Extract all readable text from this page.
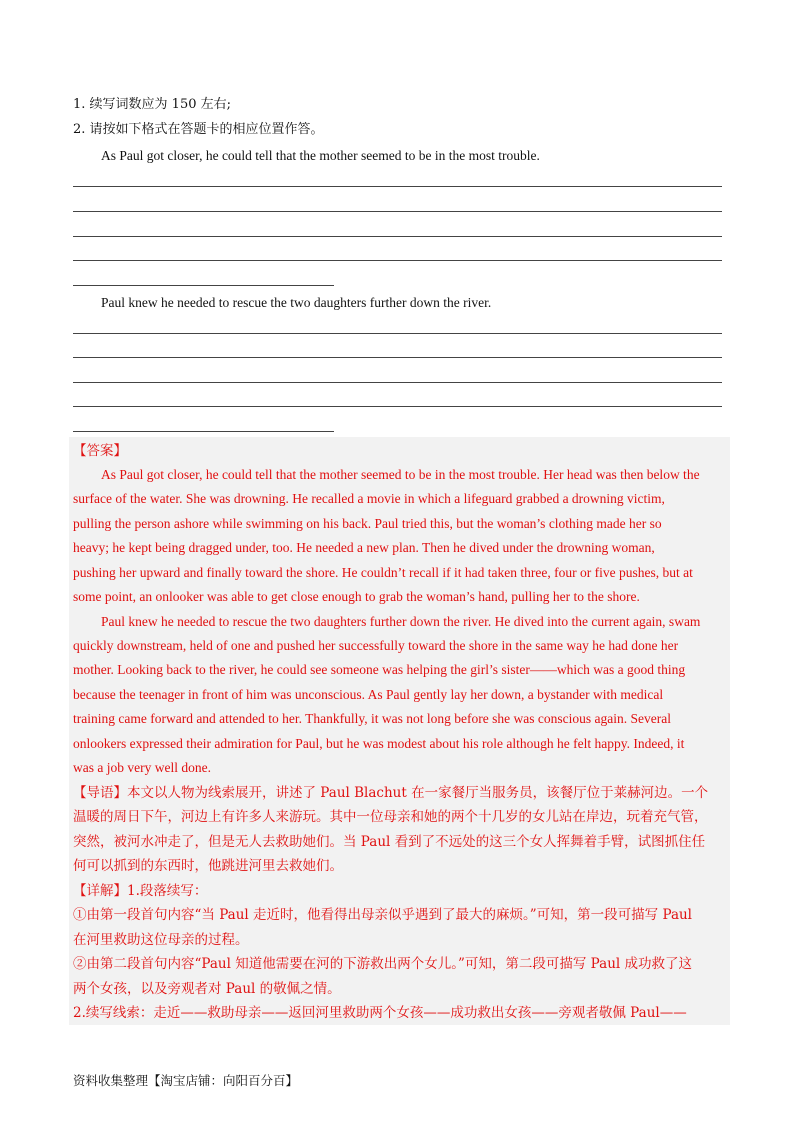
1. 续写词数应为 150 左右;
2. 请按如下格式在答题卡的相应位置作答。
As Paul got closer, he could tell that the mother seemed to be in the most trouble.
Paul knew he needed to rescue the two daughters further down the river.
【答案】
As Paul got closer, he could tell that the mother seemed to be in the most trouble. Her head was then below the
surface of the water. She was drowning. He recalled a movie in which a lifeguard grabbed a drowning victim,
pulling the person ashore while swimming on his back. Paul tried this, but the woman’s clothing made her so
heavy; he kept being dragged under, too. He needed a new plan. Then he dived under the drowning woman,
pushing her upward and finally toward the shore. He couldn’t recall if it had taken three, four or five pushes, but at
some point, an onlooker was able to get close enough to grab the woman’s hand, pulling her to the shore.
Paul knew he needed to rescue the two daughters further down the river. He dived into the current again, swam
quickly downstream, held of one and pushed her successfully toward the shore in the same way he had done her
mother. Looking back to the river, he could see someone was helping the girl’s sister——which was a good thing
because the teenager in front of him was unconscious. As Paul gently lay her down, a bystander with medical
training came forward and attended to her. Thankfully, it was not long before she was conscious again. Several
onlookers expressed their admiration for Paul, but he was modest about his role although he felt happy. Indeed, it
was a job very well done.
【导语】本文以人物为线索展开，讲述了 Paul Blachut 在一家餐厅当服务员，该餐厅位于莱赫河边。一个
温暖的周日下午，河边上有许多人来游玩。其中一位母亲和她的两个十几岁的女儿站在岸边，玩着充气管，
突然，被河水冲走了，但是无人去救助她们。当 Paul 看到了不远处的这三个女人挥舞着手臂，试图抓住任
何可以抓到的东西时，他跳进河里去救她们。
【详解】1.段落续写：
①由第一段首句内容“当 Paul 走近时，他看得出母亲似乎遇到了最大的麻烦。”可知，第一段可描写 Paul
在河里救助这位母亲的过程。
②由第二段首句内容“Paul 知道他需要在河的下游救出两个女儿。”可知，第二段可描写 Paul 成功救了这
两个女孩，以及旁观者对 Paul 的敬佩之情。
2.续写线索：走近——救助母亲——返回河里救助两个女孩——成功救出女孩——旁观者敬佩 Paul——
资料收集整理【淘宝店铺：向阳百分百】
